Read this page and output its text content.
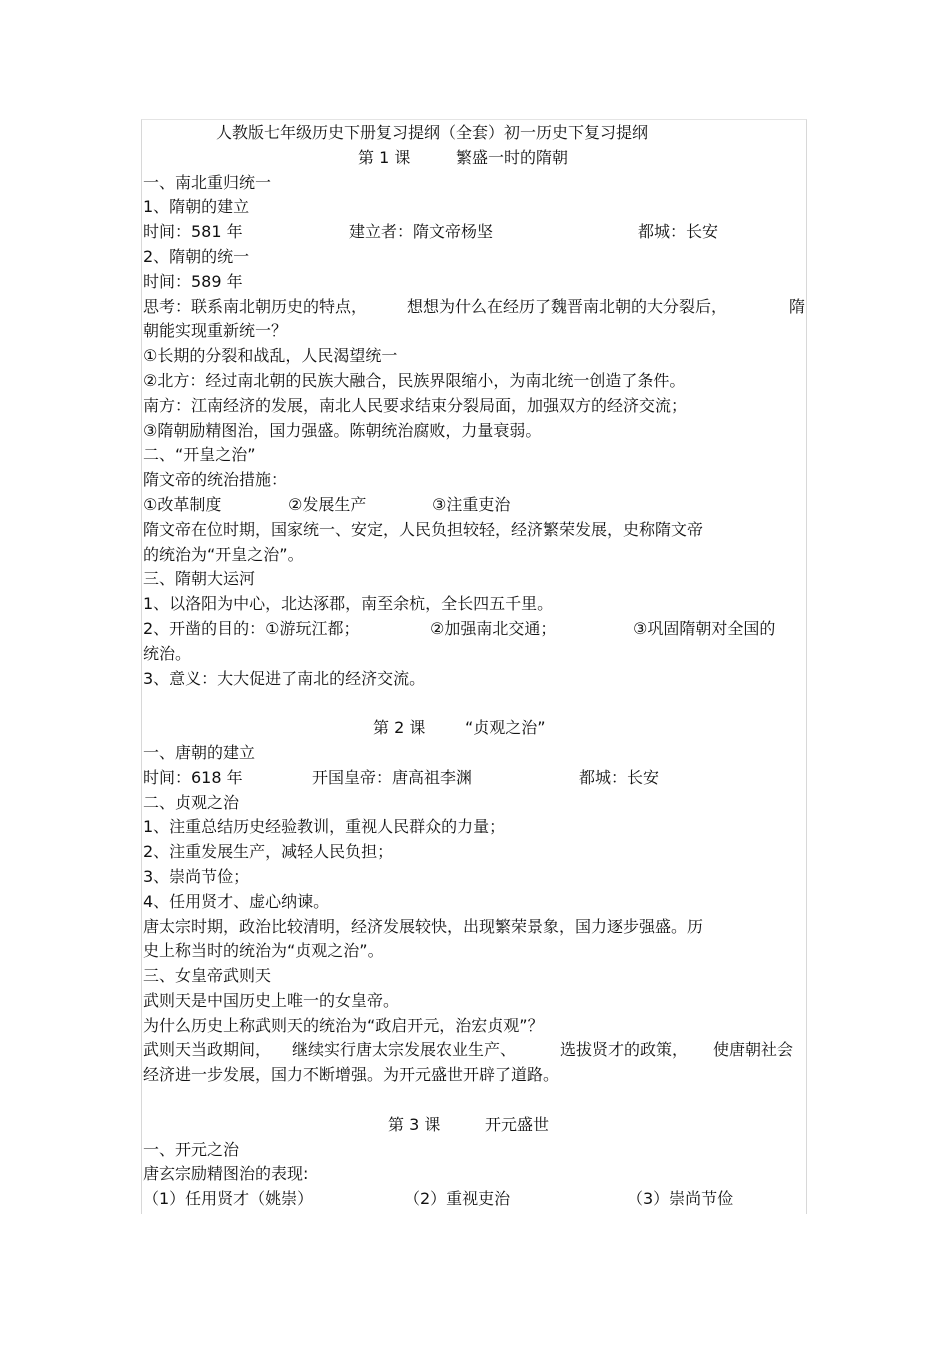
人教版七年级历史下册复习提纲（全套）初一历史下复习提纲
第 1 课	繁盛一时的隋朝
一、南北重归统一
1、隋朝的建立
时间：581 年	建立者：隋文帝杨坚	都城：长安
2、隋朝的统一
时间：589 年
思考：联系南北朝历史的特点， 想想为什么在经历了魏晋南北朝的大分裂后，	隋
朝能实现重新统一？
①长期的分裂和战乱，人民渴望统一
②北方：经过南北朝的民族大融合，民族界限缩小，为南北统一创造了条件。
南方：江南经济的发展，南北人民要求结束分裂局面，加强双方的经济交流；
③隋朝励精图治，国力强盛。陈朝统治腐败，力量衰弱。
二、“开皇之治”
隋文帝的统治措施：
①改革制度	②发展生产	③注重吏治
隋文帝在位时期，国家统一、安定，人民负担较轻，经济繁荣发展，史称隋文帝
的统治为“开皇之治”。
三、隋朝大运河
1、以洛阳为中心，北达涿郡，南至余杭，全长四五千里。
2、开凿的目的：①游玩江都；	②加强南北交通；	③巩固隋朝对全国的
统治。
3、意义：大大促进了南北的经济交流。
第 2 课 “贞观之治”
一、唐朝的建立
时间：618 年	开国皇帝：唐高祖李渊	都城：长安
二、贞观之治
1、注重总结历史经验教训，重视人民群众的力量；
2、注重发展生产，减轻人民负担；
3、崇尚节俭；
4、任用贤才、虚心纳谏。
唐太宗时期，政治比较清明，经济发展较快，出现繁荣景象，国力逐步强盛。历
史上称当时的统治为“贞观之治”。
三、女皇帝武则天
武则天是中国历史上唯一的女皇帝。
为什么历史上称武则天的统治为“政启开元，治宏贞观”？
武则天当政期间， 继续实行唐太宗发展农业生产、	选拔贤才的政策， 使唐朝社会
经济进一步发展，国力不断增强。为开元盛世开辟了道路。
第 3 课	开元盛世
一、开元之治
唐玄宗励精图治的表现:
（1）任用贤才（姚崇）	（2）重视吏治	（3）崇尚节俭
